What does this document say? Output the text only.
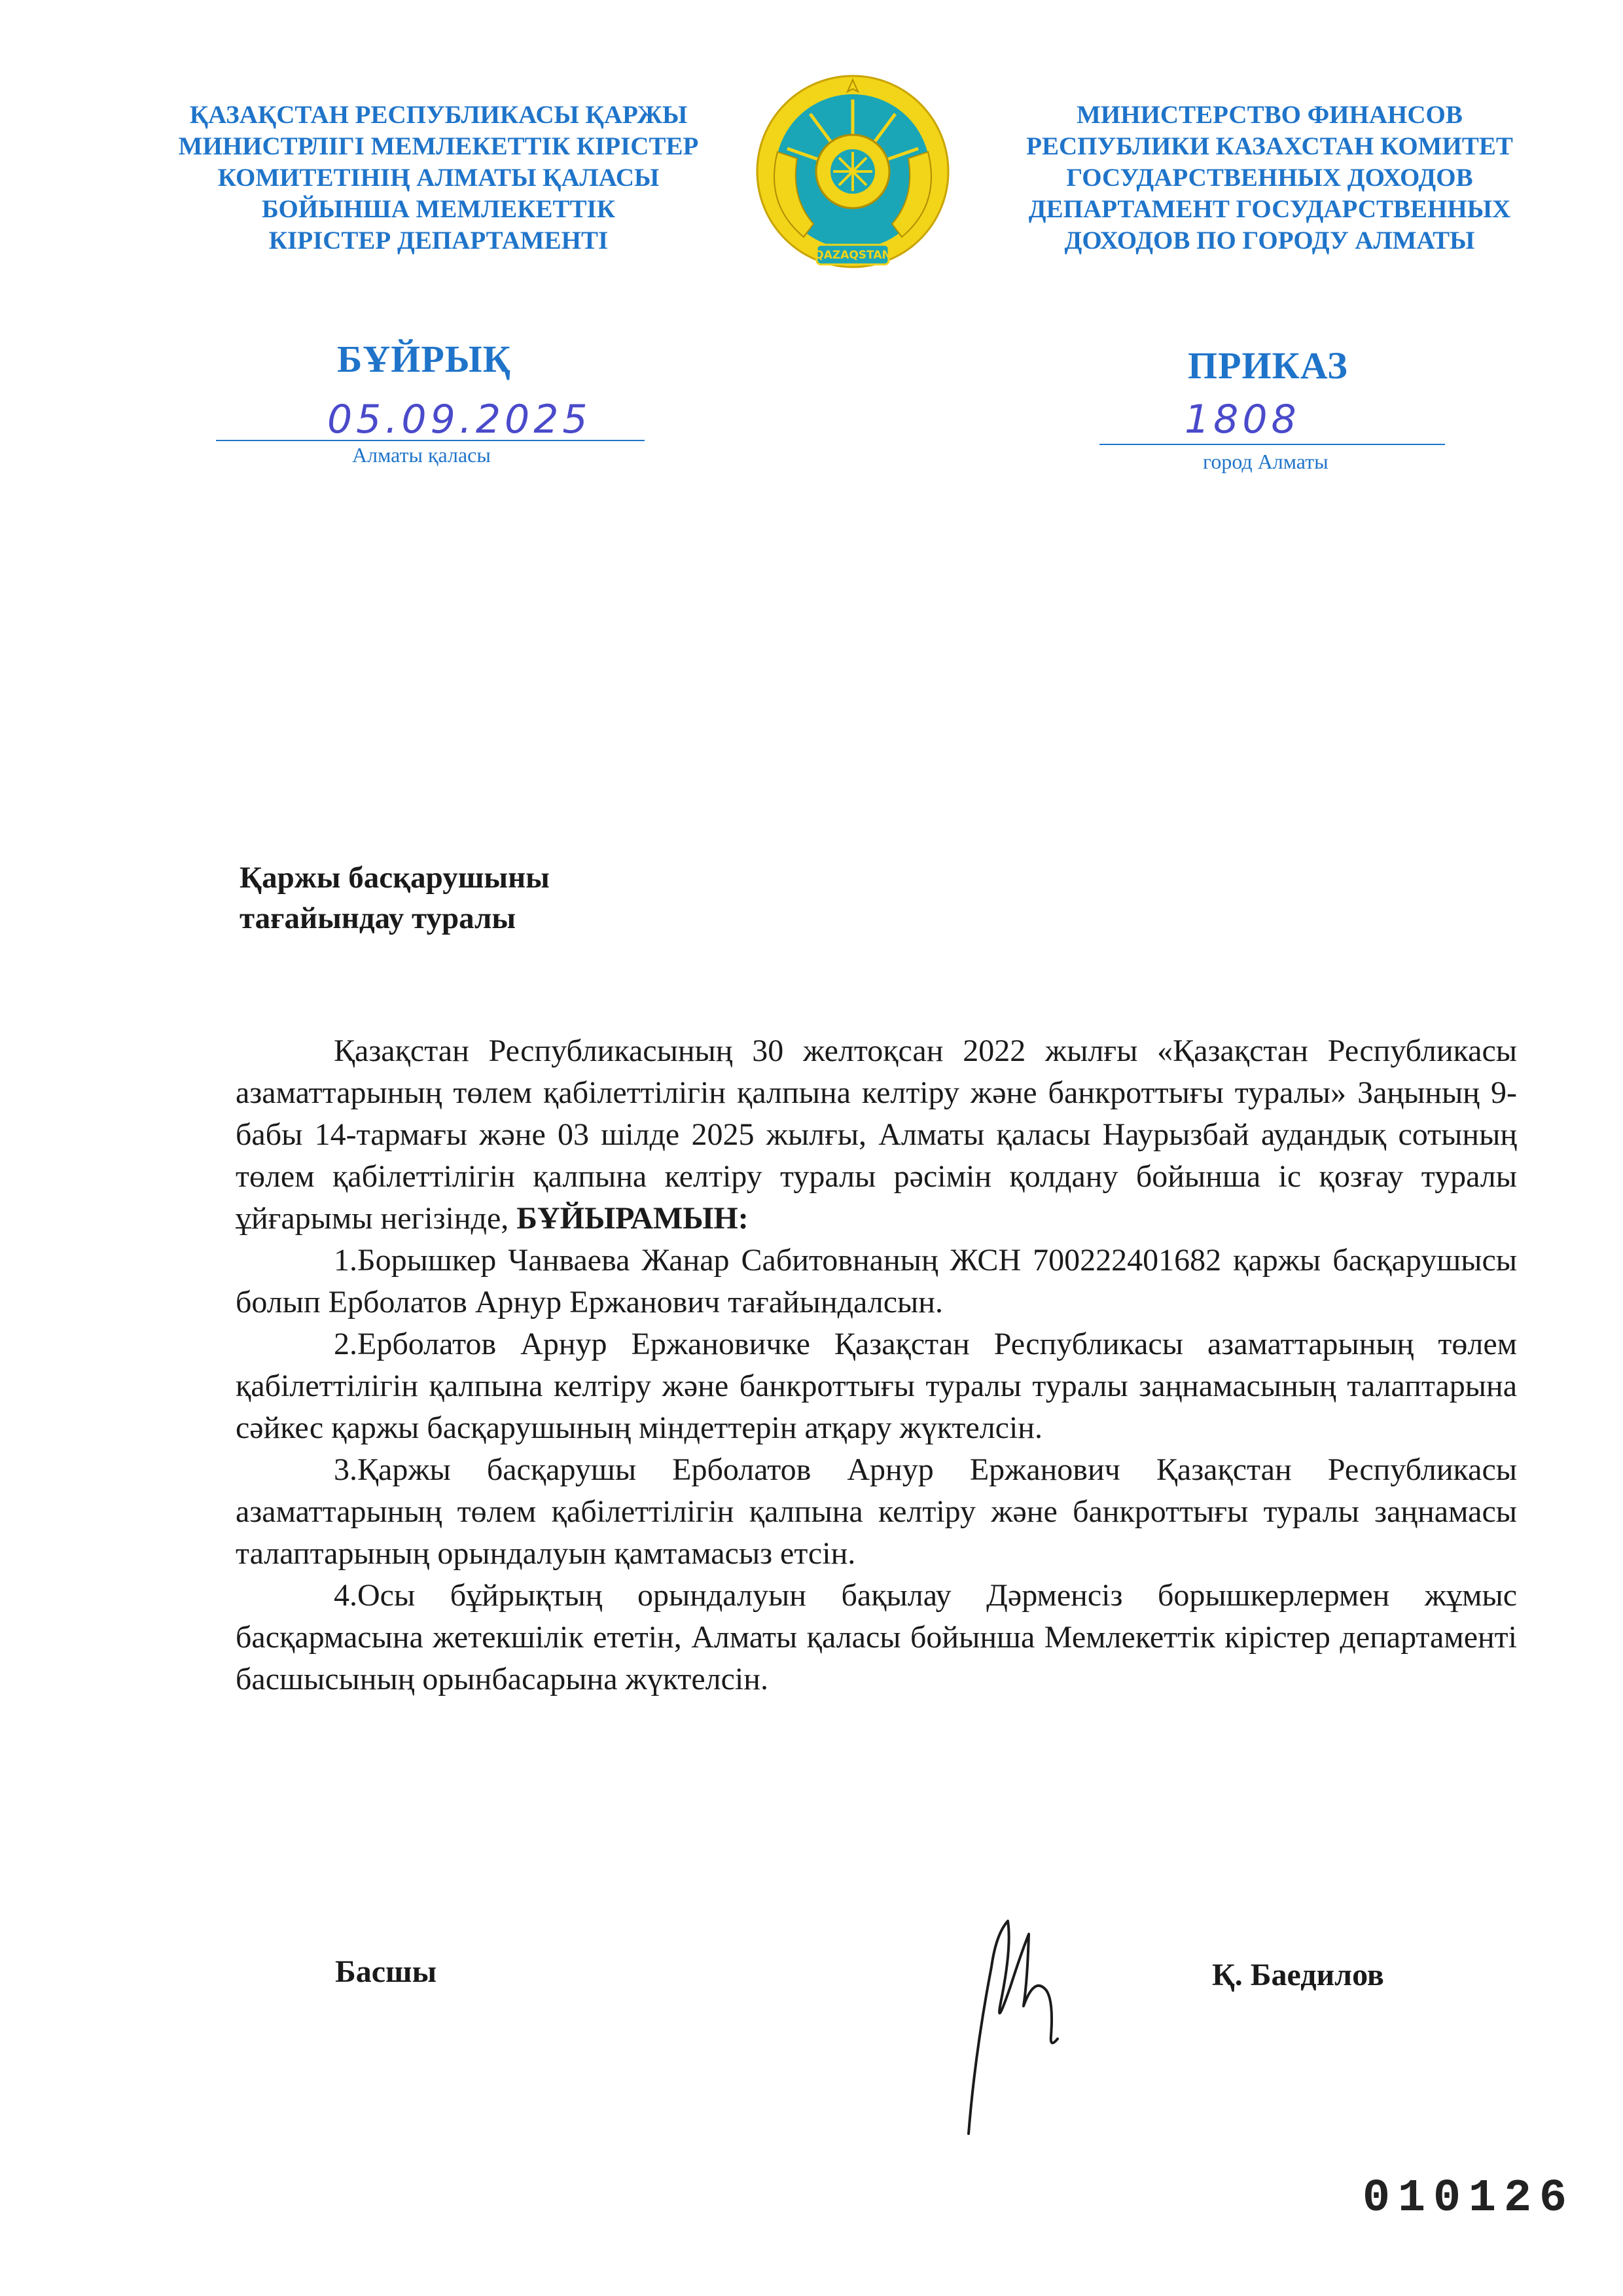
ҚАЗАҚСТАН РЕСПУБЛИКАСЫ ҚАРЖЫ
МИНИСТРЛІГІ МЕМЛЕКЕТТІК КІРІСТЕР
КОМИТЕТІНІҢ АЛМАТЫ ҚАЛАСЫ
БОЙЫНША МЕМЛЕКЕТТІК
КІРІСТЕР ДЕПАРТАМЕНТІ
QAZAQSTAN
МИНИСТЕРСТВО ФИНАНСОВ
РЕСПУБЛИКИ КАЗАХСТАН КОМИТЕТ
ГОСУДАРСТВЕННЫХ ДОХОДОВ
ДЕПАРТАМЕНТ ГОСУДАРСТВЕННЫХ
ДОХОДОВ ПО ГОРОДУ АЛМАТЫ
БҰЙРЫҚ	ПРИКАЗ
05.09.2025	1808
Алматы қаласы	город Алматы
Қаржы басқарушыны
тағайындау туралы

Қазақстан Республикасының 30 желтоқсан 2022 жылғы «Қазақстан Республикасы азаматтарының төлем қабілеттілігін қалпына келтіру және банкроттығы туралы» Заңының 9-бабы 14-тармағы және 03 шілде 2025 жылғы, Алматы қаласы Наурызбай аудандық сотының төлем қабілеттілігін қалпына келтіру туралы рәсімін қолдану бойынша іс қозғау туралы ұйғарымы негізінде, БҰЙЫРАМЫН:

1.Борышкер Чанваева Жанар Сабитовнаның ЖСН 700222401682 қаржы басқарушысы болып Ерболатов Арнур Ержанович тағайындалсын.

2.Ерболатов Арнур Ержановичке Қазақстан Республикасы азаматтарының төлем қабілеттілігін қалпына келтіру және банкроттығы туралы туралы заңнамасының талаптарына сәйкес қаржы басқарушының міндеттерін атқару жүктелсін.

3.Қаржы басқарушы Ерболатов Арнур Ержанович Қазақстан Республикасы азаматтарының төлем қабілеттілігін қалпына келтіру және банкроттығы туралы заңнамасы талаптарының орындалуын қамтамасыз етсін.

4.Осы бұйрықтың орындалуын бақылау Дәрменсіз борышкерлермен жұмыс басқармасына жетекшілік ететін, Алматы қаласы бойынша Мемлекеттік кірістер департаменті басшысының орынбасарына жүктелсін.

Басшы	Қ. Баедилов
010126
